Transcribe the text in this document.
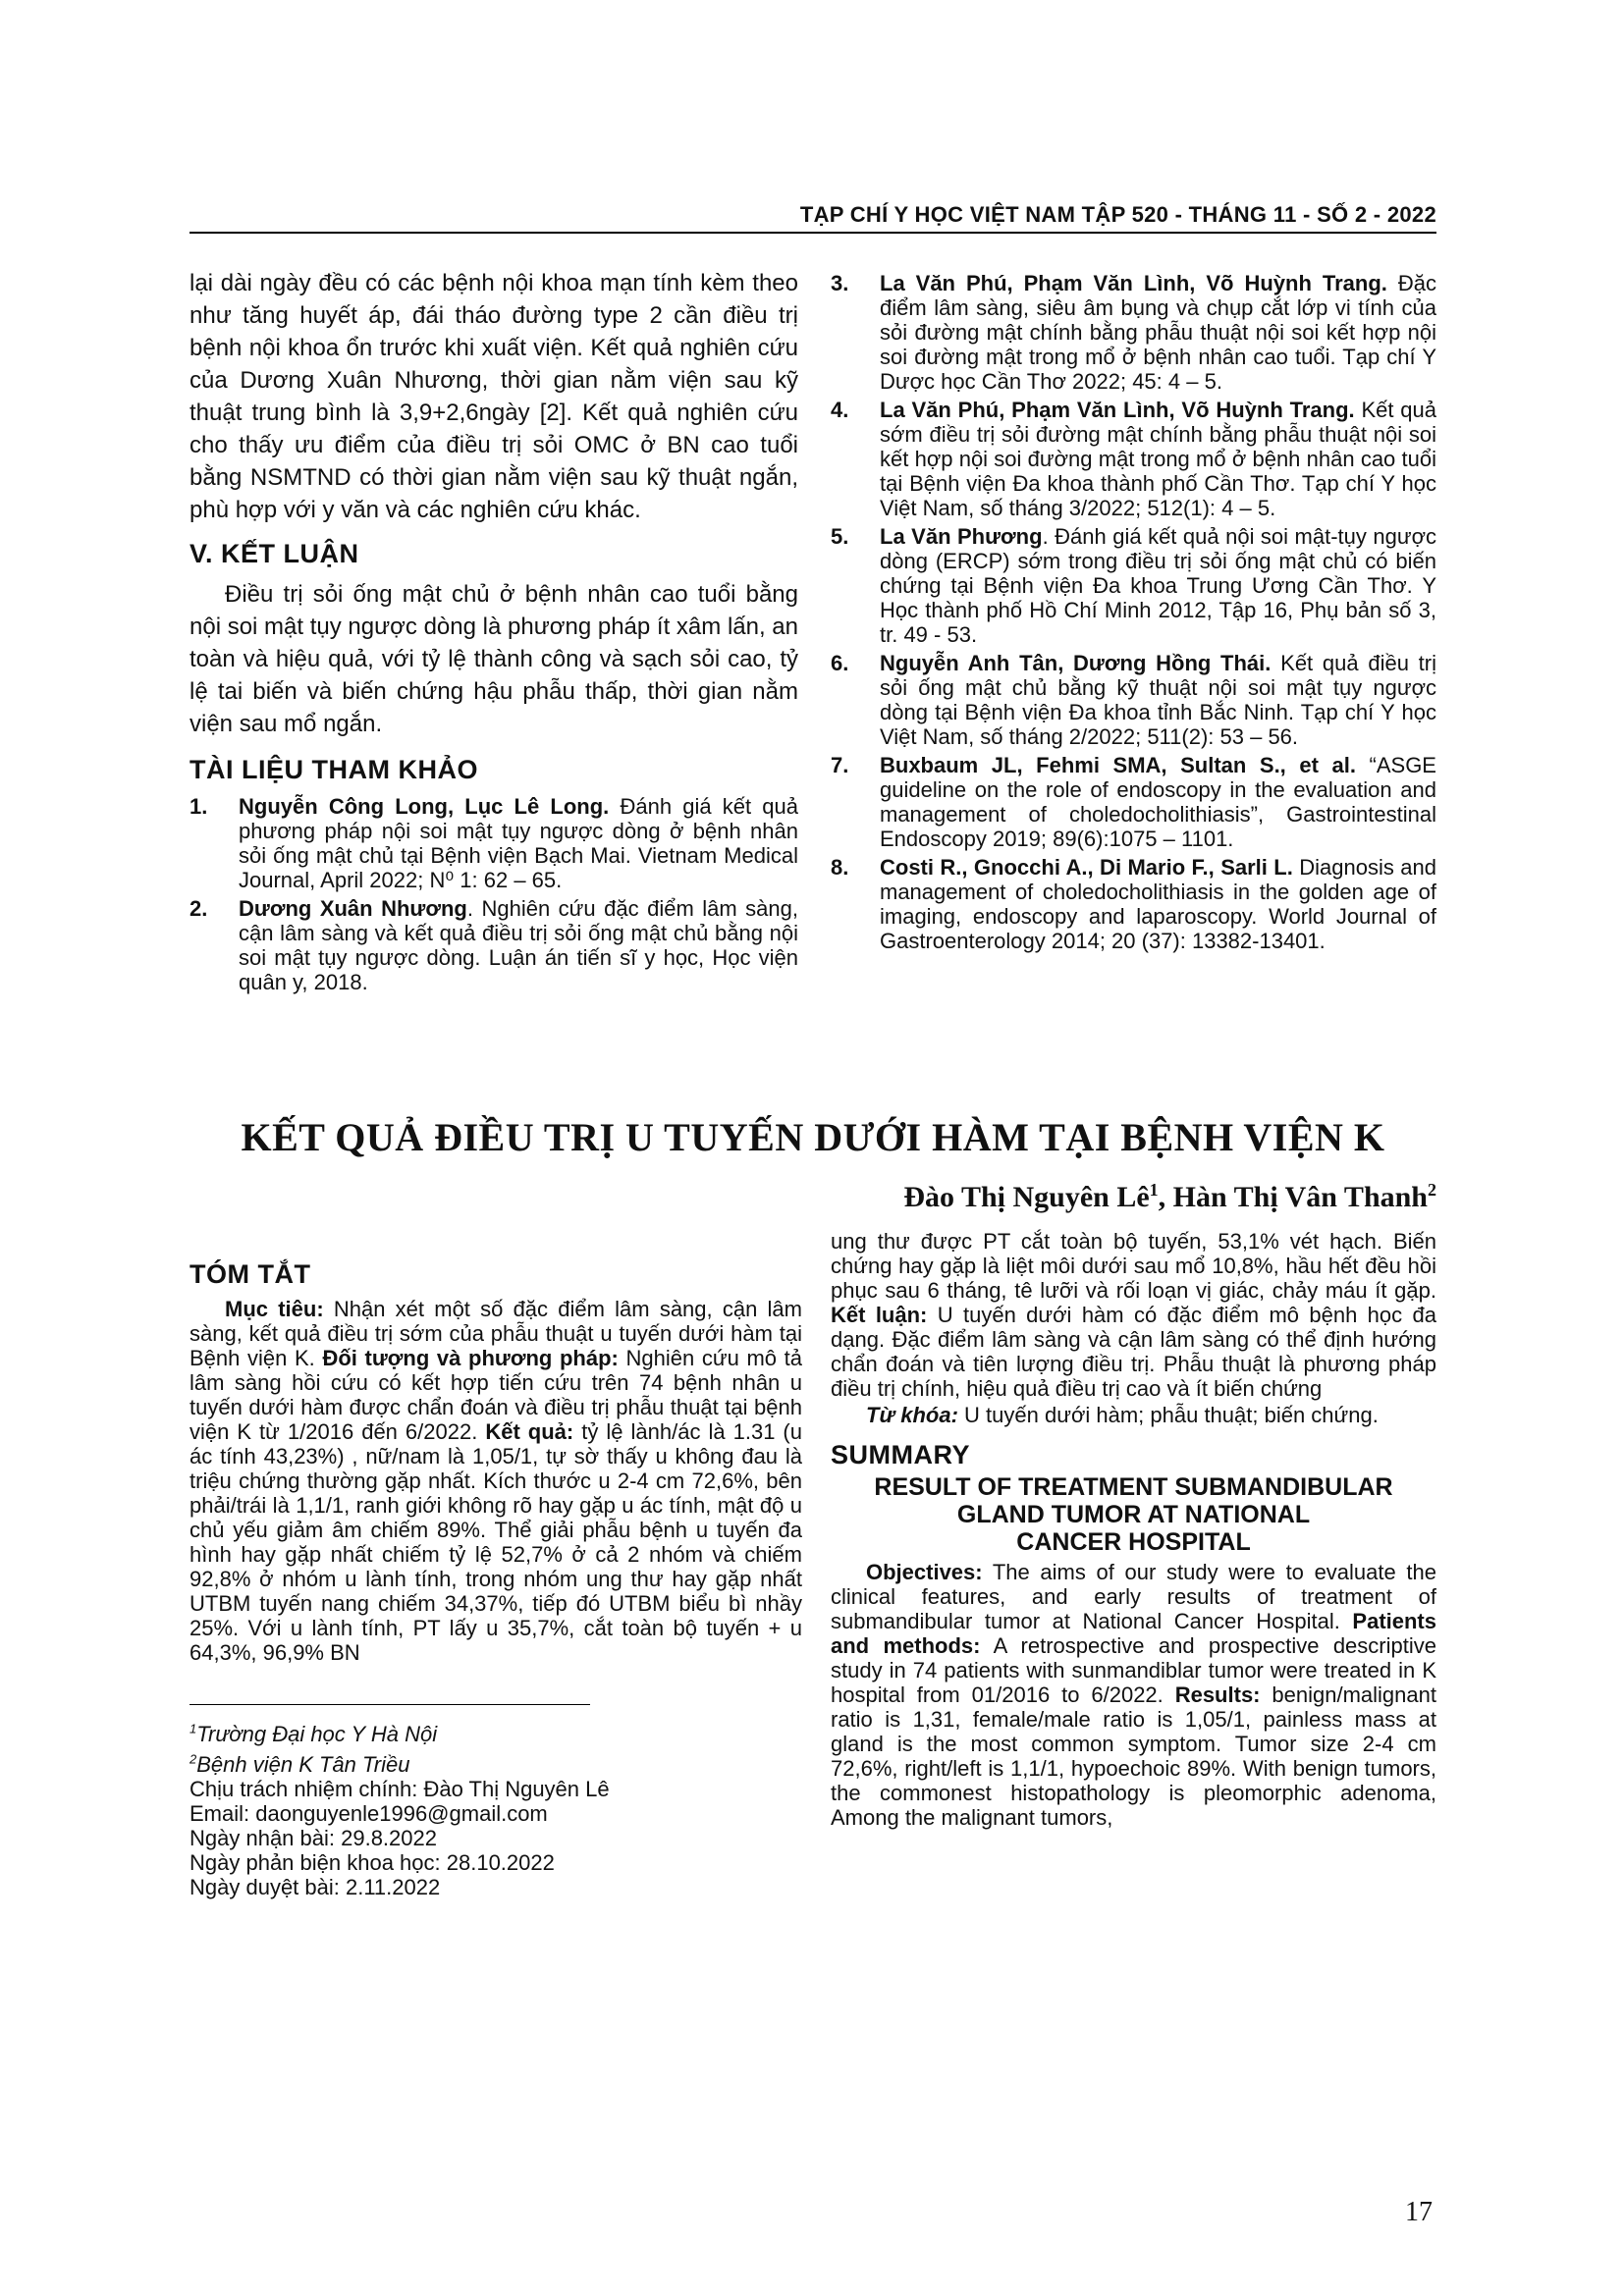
TẠP CHÍ Y HỌC VIỆT NAM TẬP 520 - THÁNG 11 - SỐ 2 - 2022

lại dài ngày đều có các bệnh nội khoa mạn tính kèm theo như tăng huyết áp, đái tháo đường type 2 cần điều trị bệnh nội khoa ổn trước khi xuất viện. Kết quả nghiên cứu của Dương Xuân Nhương, thời gian nằm viện sau kỹ thuật trung bình là 3,9+2,6ngày [2]. Kết quả nghiên cứu cho thấy ưu điểm của điều trị sỏi OMC ở BN cao tuổi bằng NSMTND có thời gian nằm viện sau kỹ thuật ngắn, phù hợp với y văn và các nghiên cứu khác.

V. KẾT LUẬN

Điều trị sỏi ống mật chủ ở bệnh nhân cao tuổi bằng nội soi mật tụy ngược dòng là phương pháp ít xâm lấn, an toàn và hiệu quả, với tỷ lệ thành công và sạch sỏi cao, tỷ lệ tai biến và biến chứng hậu phẫu thấp, thời gian nằm viện sau mổ ngắn.

TÀI LIỆU THAM KHẢO
1.	Nguyễn Công Long, Lục Lê Long. Đánh giá kết quả phương pháp nội soi mật tụy ngược dòng ở bệnh nhân sỏi ống mật chủ tại Bệnh viện Bạch Mai. Vietnam Medical Journal, April 2022; N⁰ 1: 62 – 65.
2.	Dương Xuân Nhương. Nghiên cứu đặc điểm lâm sàng, cận lâm sàng và kết quả điều trị sỏi ống mật chủ bằng nội soi mật tụy ngược dòng. Luận án tiến sĩ y học, Học viện quân y, 2018.
3.	La Văn Phú, Phạm Văn Lình, Võ Huỳnh Trang. Đặc điểm lâm sàng, siêu âm bụng và chụp cắt lớp vi tính của sỏi đường mật chính bằng phẫu thuật nội soi kết hợp nội soi đường mật trong mổ ở bệnh nhân cao tuổi. Tạp chí Y Dược học Cần Thơ 2022; 45: 4 – 5.
4.	La Văn Phú, Phạm Văn Lình, Võ Huỳnh Trang. Kết quả sớm điều trị sỏi đường mật chính bằng phẫu thuật nội soi kết hợp nội soi đường mật trong mổ ở bệnh nhân cao tuổi tại Bệnh viện Đa khoa thành phố Cần Thơ. Tạp chí Y học Việt Nam, số tháng 3/2022; 512(1): 4 – 5.
5.	La Văn Phương. Đánh giá kết quả nội soi mật-tụy ngược dòng (ERCP) sớm trong điều trị sỏi ống mật chủ có biến chứng tại Bệnh viện Đa khoa Trung Ương Cần Thơ. Y Học thành phố Hồ Chí Minh 2012, Tập 16, Phụ bản số 3, tr. 49 - 53.
6.	Nguyễn Anh Tân, Dương Hồng Thái. Kết quả điều trị sỏi ống mật chủ bằng kỹ thuật nội soi mật tụy ngược dòng tại Bệnh viện Đa khoa tỉnh Bắc Ninh. Tạp chí Y học Việt Nam, số tháng 2/2022; 511(2): 53 – 56.
7.	Buxbaum JL, Fehmi SMA, Sultan S., et al. “ASGE guideline on the role of endoscopy in the evaluation and management of choledocholithiasis”, Gastrointestinal Endoscopy 2019; 89(6):1075 – 1101.
8.	Costi R., Gnocchi A., Di Mario F., Sarli L. Diagnosis and management of choledocholithiasis in the golden age of imaging, endoscopy and laparoscopy. World Journal of Gastroenterology 2014; 20 (37): 13382-13401.
KẾT QUẢ ĐIỀU TRỊ U TUYẾN DƯỚI HÀM TẠI BỆNH VIỆN K
Đào Thị Nguyên $Lê^1$, Hàn Thị Vân Thanh$^2$
TÓM TẮT

Mục tiêu: Nhận xét một số đặc điểm lâm sàng, cận lâm sàng, kết quả điều trị sớm của phẫu thuật u tuyến dưới hàm tại Bệnh viện K. Đối tượng và phương pháp: Nghiên cứu mô tả lâm sàng hồi cứu có kết hợp tiến cứu trên 74 bệnh nhân u tuyến dưới hàm được chẩn đoán và điều trị phẫu thuật tại bệnh viện K từ 1/2016 đến 6/2022. Kết quả: tỷ lệ lành/ác là 1.31 (u ác tính 43,23%) , nữ/nam là 1,05/1, tự sờ thấy u không đau là triệu chứng thường gặp nhất. Kích thước u 2-4 cm 72,6%, bên phải/trái là 1,1/1, ranh giới không rõ hay gặp u ác tính, mật độ u chủ yếu giảm âm chiếm 89%. Thể giải phẫu bệnh u tuyến đa hình hay gặp nhất chiếm tỷ lệ 52,7% ở cả 2 nhóm và chiếm 92,8% ở nhóm u lành tính, trong nhóm ung thư hay gặp nhất UTBM tuyến nang chiếm 34,37%, tiếp đó UTBM biểu bì nhầy 25%. Với u lành tính, PT lấy u 35,7%, cắt toàn bộ tuyến + u 64,3%, 96,9% BN

$^1$Trường Đại học Y Hà Nội

$^2$Bệnh viện K Tân Triều

Chịu trách nhiệm chính: Đào Thị Nguyên Lê

Email: daonguyenle1996@gmail.com

Ngày nhận bài: 29.8.2022

Ngày phản biện khoa học: 28.10.2022

Ngày duyệt bài: 2.11.2022

ung thư được PT cắt toàn bộ tuyến, 53,1% vét hạch. Biến chứng hay gặp là liệt môi dưới sau mổ 10,8%, hầu hết đều hồi phục sau 6 tháng, tê lưỡi và rối loạn vị giác, chảy máu ít gặp. Kết luận: U tuyến dưới hàm có đặc điểm mô bệnh học đa dạng. Đặc điểm lâm sàng và cận lâm sàng có thể định hướng chẩn đoán và tiên lượng điều trị. Phẫu thuật là phương pháp điều trị chính, hiệu quả điều trị cao và ít biến chứng

Từ khóa: U tuyến dưới hàm; phẫu thuật; biến chứng.

SUMMARY
RESULT OF TREATMENT SUBMANDIBULAR
GLAND TUMOR AT NATIONAL
CANCER HOSPITAL

Objectives: The aims of our study were to evaluate the clinical features, and early results of treatment of submandibular tumor at National Cancer Hospital. Patients and methods: A retrospective and prospective descriptive study in 74 patients with sunmandiblar tumor were treated in K hospital from 01/2016 to 6/2022. Results: benign/malignant ratio is 1,31, female/male ratio is 1,05/1, painless mass at gland is the most common symptom. Tumor size 2-4 cm 72,6%, right/left is 1,1/1, hypoechoic 89%. With benign tumors, the commonest histopathology is pleomorphic adenoma, Among the malignant tumors,

17
